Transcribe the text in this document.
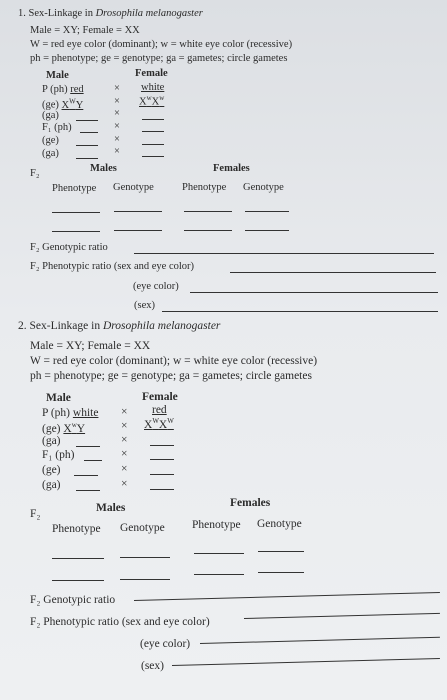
1. Sex-Linkage in Drosophila melanogaster
Male = XY; Female = XX
W = red eye color (dominant); w = white eye color (recessive)
ph = phenotype; ge = genotype; ga = gametes; circle gametes
Male	Female
P (ph) red	× white
(ge) $X^WY$	× $X^wX^w$
(ga)	×
F₁ (ph)	×
(ge)	×
(ga)	×
F₂	Males	Females
Phenotype Genotype	Phenotype Genotype
F₂ Genotypic ratio
F₂ Phenotypic ratio (sex and eye color)
(eye color)
(sex)
2. Sex-Linkage in Drosophila melanogaster
Male = XY; Female = XX
W = red eye color (dominant); w = white eye color (recessive)
ph = phenotype; ge = genotype; ga = gametes; circle gametes
Male	Female
P (ph) white × red
(ge) $X^wY$	× $X^WX^W$
(ga)	×
F₁ (ph)	×
(ge)	×
(ga)	×
F₂	Males	Females
Phenotype Genotype Phenotype Genotype
F₂ Genotypic ratio
F₂ Phenotypic ratio (sex and eye color)
(eye color)
(sex)
